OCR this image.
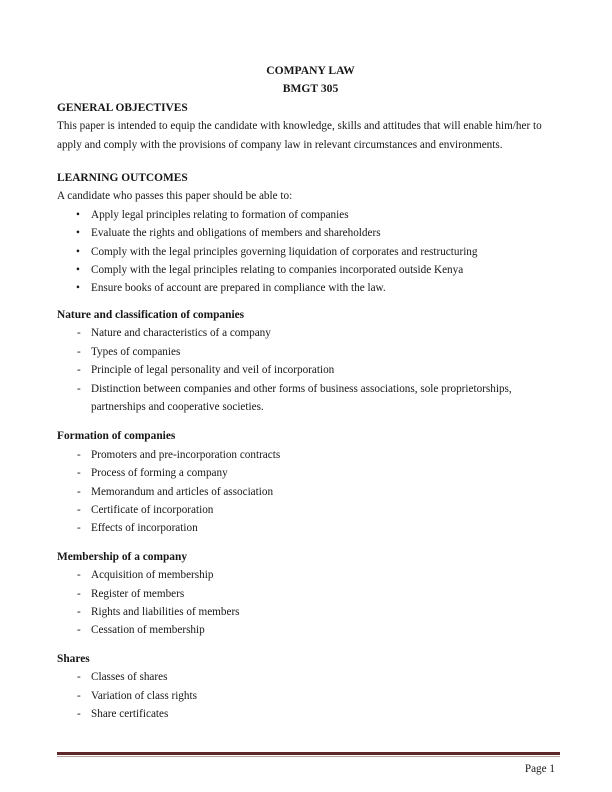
COMPANY LAW
BMGT 305
GENERAL OBJECTIVES

This paper is intended to equip the candidate with knowledge, skills and attitudes that will enable him/her to apply and comply with the provisions of company law in relevant circumstances and environments.

LEARNING OUTCOMES

A candidate who passes this paper should be able to:

• Apply legal principles relating to formation of companies
• Evaluate the rights and obligations of members and shareholders
• Comply with the legal principles governing liquidation of corporates and restructuring
• Comply with the legal principles relating to companies incorporated outside Kenya
• Ensure books of account are prepared in compliance with the law.
Nature and classification of companies
- Nature and characteristics of a company
- Types of companies
- Principle of legal personality and veil of incorporation
- Distinction between companies and other forms of business associations, sole proprietorships, partnerships and cooperative societies.
Formation of companies
- Promoters and pre-incorporation contracts
- Process of forming a company
- Memorandum and articles of association
- Certificate of incorporation
- Effects of incorporation
Membership of a company
- Acquisition of membership
- Register of members
- Rights and liabilities of members
- Cessation of membership
Shares
- Classes of shares
- Variation of class rights
- Share certificates
Page 1
